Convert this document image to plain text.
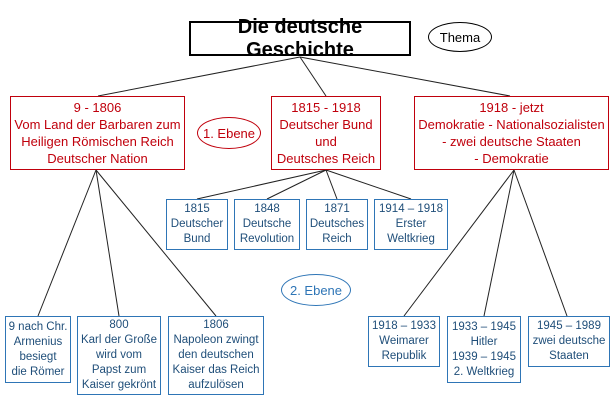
Die deutsche Geschichte
Thema
1. Ebene
2. Ebene
9 - 1806
Vom Land der Barbaren zum
Heiligen Römischen Reich
Deutscher Nation
1815 - 1918
Deutscher Bund
und
Deutsches Reich
1918 - jetzt
Demokratie - Nationalsozialisten
- zwei deutsche Staaten
- Demokratie
1815
Deutscher
Bund
1848
Deutsche
Revolution
1871
Deutsches
Reich
1914 – 1918
Erster
Weltkrieg
9 nach Chr.
Armenius
besiegt
die Römer
800
Karl der Große
wird vom
Papst zum
Kaiser gekrönt
1806
Napoleon zwingt
den deutschen
Kaiser das Reich
aufzulösen
1918 – 1933
Weimarer
Republik
1933 – 1945
Hitler
1939 – 1945
2. Weltkrieg
1945 – 1989
zwei deutsche
Staaten
